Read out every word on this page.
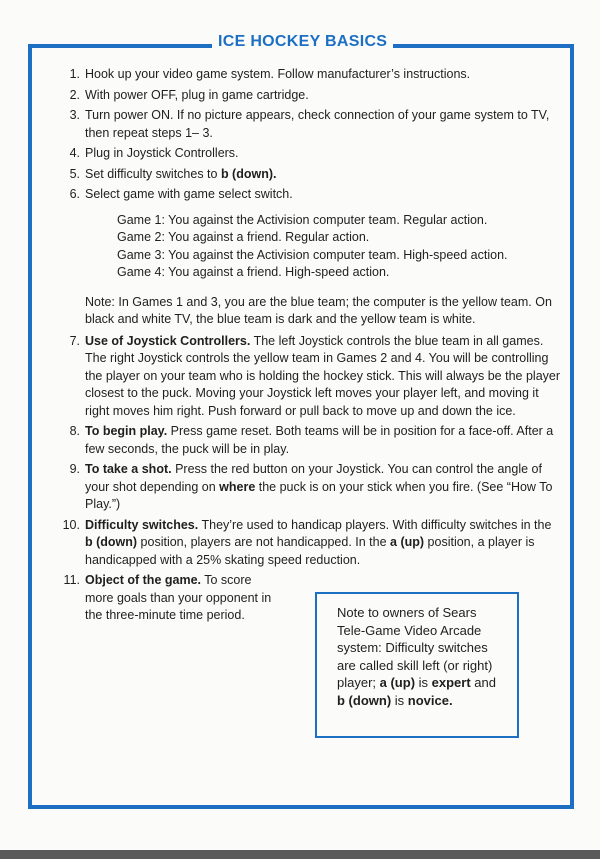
ICE HOCKEY BASICS
1. Hook up your video game system. Follow manufacturer’s instructions.
2. With power OFF, plug in game cartridge.
3. Turn power ON. If no picture appears, check connection of your game system to TV, then repeat steps 1– 3.
4. Plug in Joystick Controllers.
5. Set difficulty switches to b (down).
6. Select game with game select switch.
Game 1: You against the Activision computer team. Regular action.
Game 2: You against a friend. Regular action.
Game 3: You against the Activision computer team. High-speed action.
Game 4: You against a friend. High-speed action.
Note: In Games 1 and 3, you are the blue team; the computer is the yellow team. On black and white TV, the blue team is dark and the yellow team is white.
7. Use of Joystick Controllers. The left Joystick controls the blue team in all games. The right Joystick controls the yellow team in Games 2 and 4. You will be controlling the player on your team who is holding the hockey stick. This will always be the player closest to the puck. Moving your Joystick left moves your player left, and moving it right moves him right. Push forward or pull back to move up and down the ice.
8. To begin play. Press game reset. Both teams will be in position for a face-off. After a few seconds, the puck will be in play.
9. To take a shot. Press the red button on your Joystick. You can control the angle of your shot depending on where the puck is on your stick when you fire. (See “How To Play.”)
10. Difficulty switches. They’re used to handicap players. With difficulty switches in the b (down) position, players are not handicapped. In the a (up) position, a player is handicapped with a 25% skating speed reduction.
11. Object of the game. To score more goals than your opponent in the three-minute time period.	Note to owners of Sears Tele-Game Video Arcade system: Difficulty switches are called skill left (or right) player; a (up) is expert and b (down) is novice.
